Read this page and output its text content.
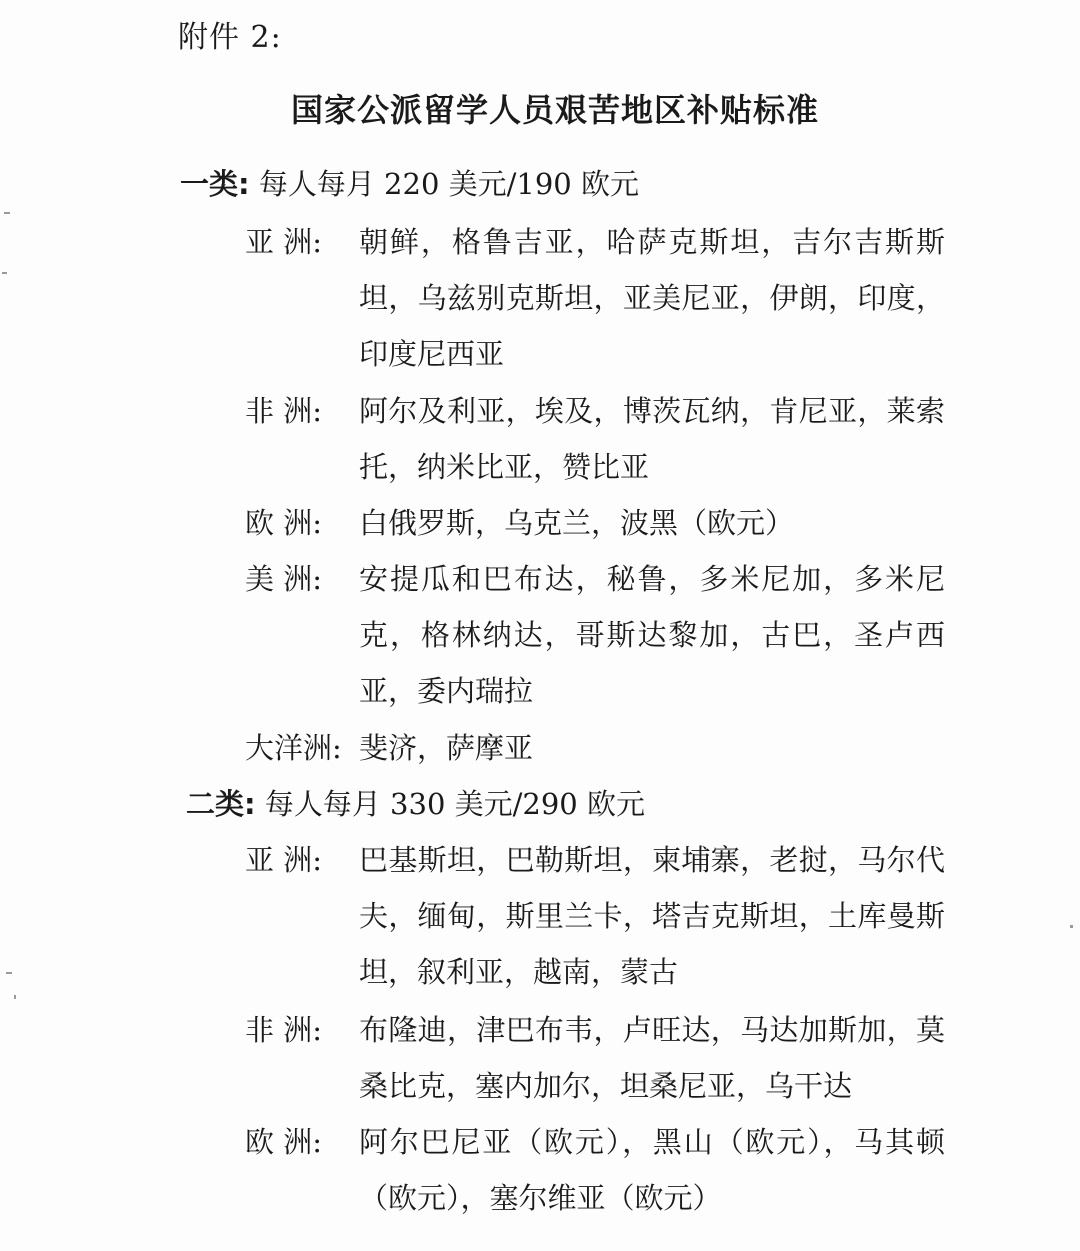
附件 2:
国家公派留学人员艰苦地区补贴标准
一类: 每人每月 220 美元/190 欧元
亚 洲:	朝鲜，格鲁吉亚，哈萨克斯坦，吉尔吉斯斯坦，乌兹别克斯坦，亚美尼亚，伊朗，印度，印度尼西亚
非 洲:	阿尔及利亚，埃及，博茨瓦纳，肯尼亚，莱索托，纳米比亚，赞比亚
欧 洲:	白俄罗斯，乌克兰，波黑（欧元）
美 洲:	安提瓜和巴布达，秘鲁，多米尼加，多米尼克，格林纳达，哥斯达黎加，古巴，圣卢西亚，委内瑞拉
大洋洲: 斐济，萨摩亚
二类: 每人每月 330 美元/290 欧元
亚 洲:	巴基斯坦，巴勒斯坦，柬埔寨，老挝，马尔代夫，缅甸，斯里兰卡，塔吉克斯坦，土库曼斯坦，叙利亚，越南，蒙古
非 洲:	布隆迪，津巴布韦，卢旺达，马达加斯加，莫桑比克，塞内加尔，坦桑尼亚，乌干达
欧 洲:	阿尔巴尼亚（欧元），黑山（欧元），马其顿（欧元），塞尔维亚（欧元）
